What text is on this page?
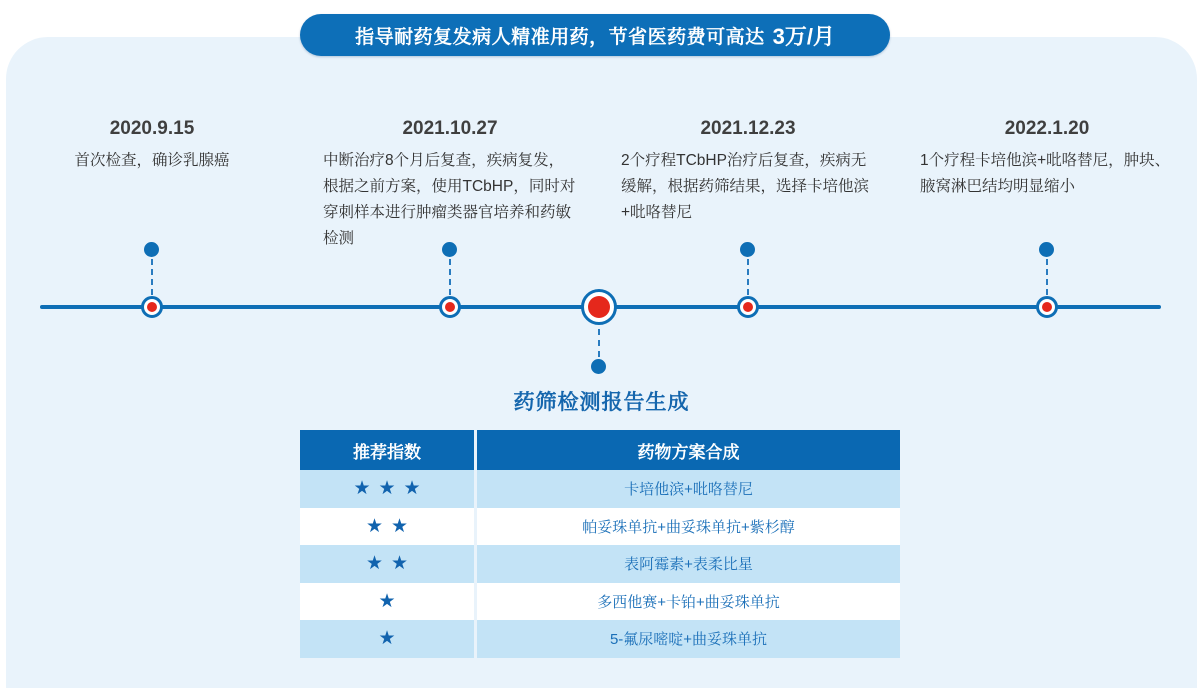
指导耐药复发病人精准用药，节省医药费可高达 3万/月
2020.9.15
首次检查，确诊乳腺癌
2021.10.27
中断治疗8个月后复查，疾病复发，根据之前方案，使用TCbHP，同时对穿刺样本进行肿瘤类器官培养和药敏检测
2021.12.23
2个疗程TCbHP治疗后复查，疾病无缓解，根据药筛结果，选择卡培他滨+吡咯替尼
2022.1.20
1个疗程卡培他滨+吡咯替尼，肿块、腋窝淋巴结均明显缩小
药筛检测报告生成
推荐指数	药物方案合成
★★★	卡培他滨+吡咯替尼
★★	帕妥珠单抗+曲妥珠单抗+紫杉醇
★★	表阿霉素+表柔比星
★	多西他赛+卡铂+曲妥珠单抗
★	5-氟尿嘧啶+曲妥珠单抗
